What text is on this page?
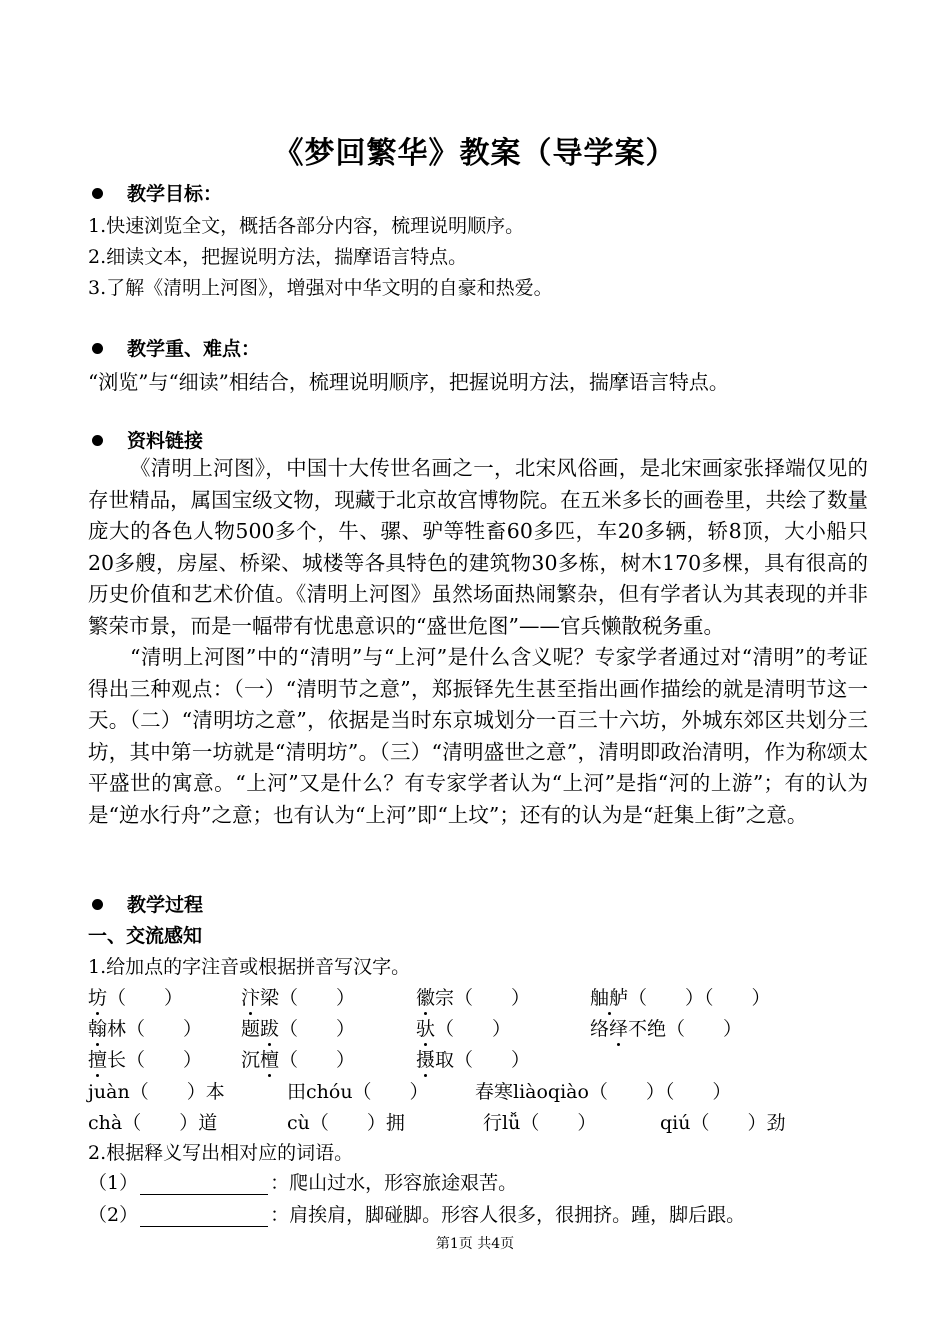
《梦回繁华》教案（导学案）
教学目标：
1.快速浏览全文，概括各部分内容，梳理说明顺序。
2.细读文本，把握说明方法，揣摩语言特点。
3.了解《清明上河图》，增强对中华文明的自豪和热爱。
教学重、难点：
“浏览”与“细读”相结合，梳理说明顺序，把握说明方法，揣摩语言特点。
资料链接

《清明上河图》，中国十大传世名画之一，北宋风俗画，是北宋画家张择端仅见的存世精品，属国宝级文物，现藏于北京故宫博物院。在五米多长的画卷里，共绘了数量庞大的各色人物500多个，牛、骡、驴等牲畜60多匹，车20多辆，轿8顶，大小船只20多艘，房屋、桥梁、城楼等各具特色的建筑物30多栋，树木170多棵，具有很高的历史价值和艺术价值。《清明上河图》虽然场面热闹繁杂，但有学者认为其表现的并非繁荣市景，而是一幅带有忧患意识的“盛世危图”——官兵懒散税务重。

“清明上河图”中的“清明”与“上河”是什么含义呢？专家学者通过对“清明”的考证得出三种观点：（一）“清明节之意”，郑振铎先生甚至指出画作描绘的就是清明节这一天。（二）“清明坊之意”，依据是当时东京城划分一百三十六坊，外城东郊区共划分三坊，其中第一坊就是“清明坊”。（三）“清明盛世之意”，清明即政治清明，作为称颂太平盛世的寓意。“上河”又是什么？有专家学者认为“上河”是指“河的上游”；有的认为是“逆水行舟”之意；也有认为“上河”即“上坟”；还有的认为是“赶集上街”之意。

教学过程
一、交流感知
1.给加点的字注音或根据拼音写汉字。
坊（　　）	汴梁（　　）	徽宗（　　）	舳舻（　　）（　　）
翰林（　　） 题跋（　　）	驮（　　）	络绎不绝（　　）
擅长（　　） 沉檀（　　）	摄取（　　）
juàn（　　）本	田chóu（　　） 春寒liàoqiào（　　）（　　）
chà（　　）道	cù（　　）拥	行lǚ（　　）	qiú（　　）劲
2.根据释义写出相对应的词语。
（1）	：爬山过水，形容旅途艰苦。
（2）	：肩挨肩，脚碰脚。形容人很多，很拥挤。踵，脚后跟。
第1页 共4页
